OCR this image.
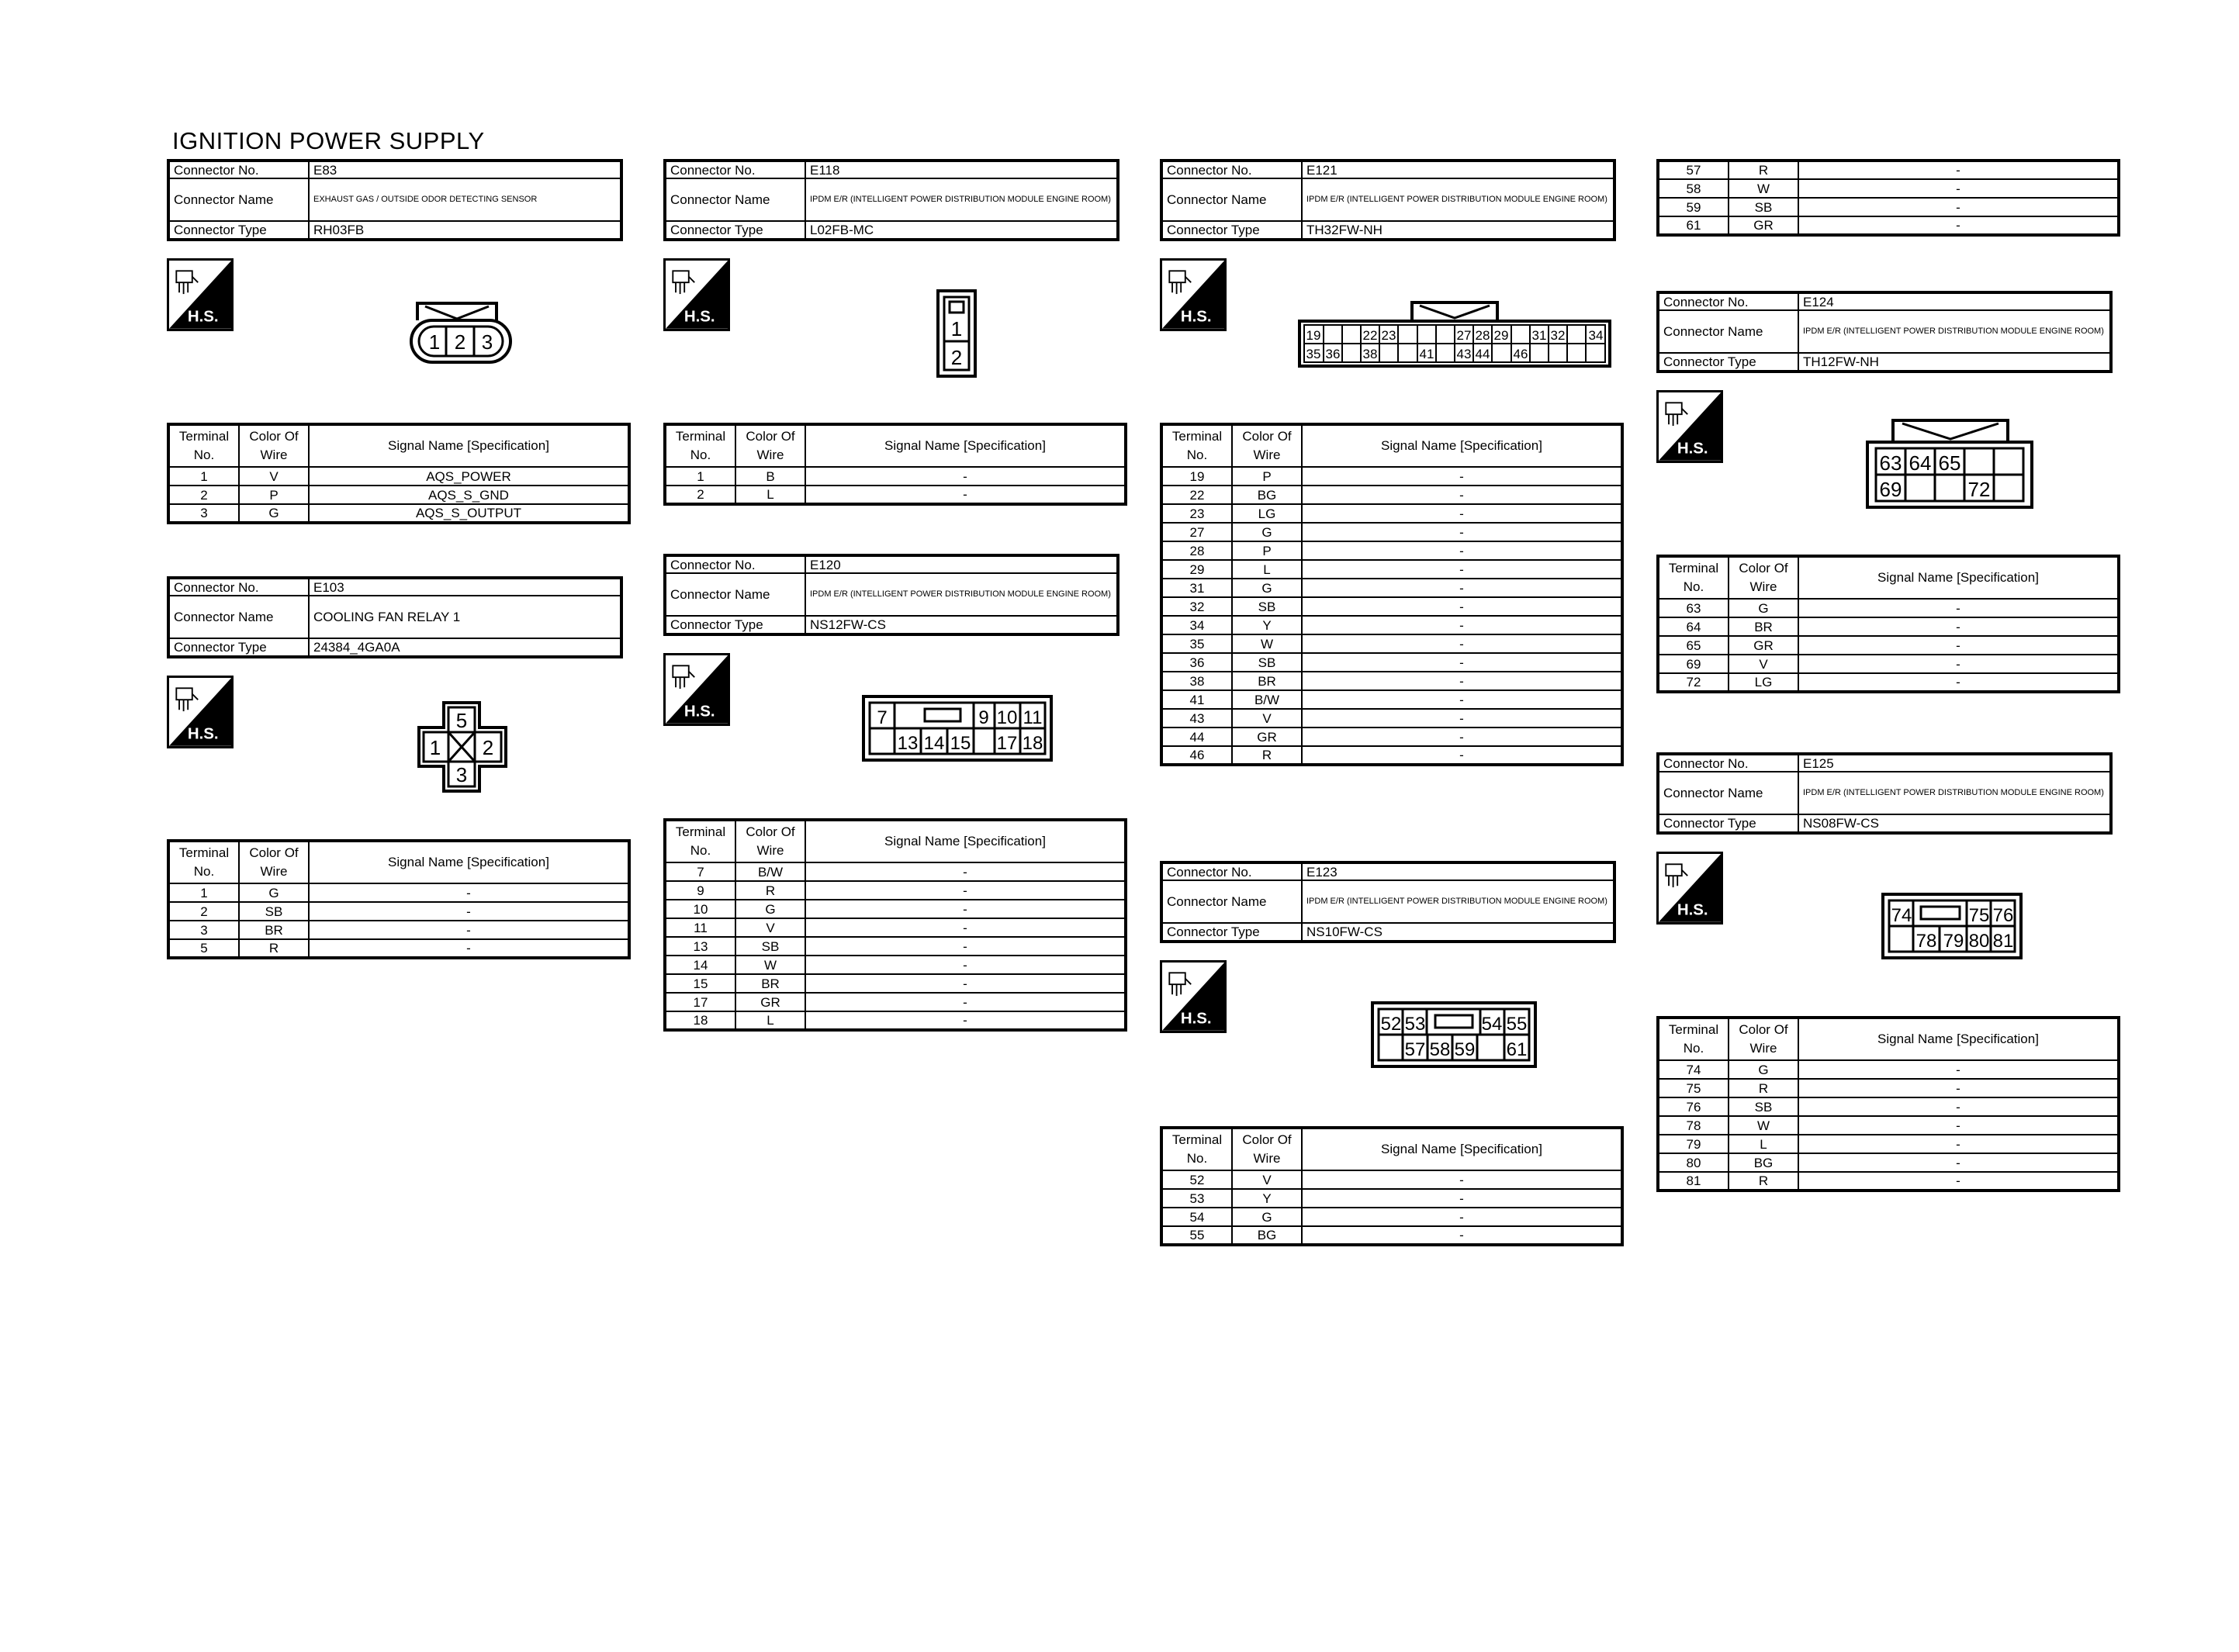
IGNITION POWER SUPPLY
Connector No.	E83
Connector Name	EXHAUST GAS / OUTSIDE ODOR DETECTING SENSOR
Connector Type	RH03FB
Connector No.	E103
Connector Name	COOLING FAN RELAY 1
Connector Type	24384_4GA0A
Connector No.	E118
Connector Name	IPDM E/R (INTELLIGENT POWER DISTRIBUTION MODULE ENGINE ROOM)
Connector Type	L02FB-MC
Connector No.	E120
Connector Name	IPDM E/R (INTELLIGENT POWER DISTRIBUTION MODULE ENGINE ROOM)
Connector Type	NS12FW-CS
Connector No.	E121
Connector Name	IPDM E/R (INTELLIGENT POWER DISTRIBUTION MODULE ENGINE ROOM)
Connector Type	TH32FW-NH
Connector No.	E123
Connector Name	IPDM E/R (INTELLIGENT POWER DISTRIBUTION MODULE ENGINE ROOM)
Connector Type	NS10FW-CS
Connector No.	E124
Connector Name	IPDM E/R (INTELLIGENT POWER DISTRIBUTION MODULE ENGINE ROOM)
Connector Type	TH12FW-NH
Connector No.	E125
Connector Name	IPDM E/R (INTELLIGENT POWER DISTRIBUTION MODULE ENGINE ROOM)
Connector Type	NS08FW-CS
Terminal No.	Color Of Wire	Signal Name [Specification]
1	V	AQS_POWER
2	P	AQS_S_GND
3	G	AQS_S_OUTPUT
Terminal No.	Color Of Wire	Signal Name [Specification]
1	G	-
2	SB	-
3	BR	-
5	R	-
Terminal No.	Color Of Wire	Signal Name [Specification]
1	B	-
2	L	-
Terminal No.	Color Of Wire	Signal Name [Specification]
7	B/W	-
9	R	-
10	G	-
11	V	-
13	SB	-
14	W	-
15	BR	-
17	GR	-
18	L	-
Terminal No.	Color Of Wire	Signal Name [Specification]
19	P	-
22	BG	-
23	LG	-
27	G	-
28	P	-
29	L	-
31	G	-
32	SB	-
34	Y	-
35	W	-
36	SB	-
38	BR	-
41	B/W	-
43	V	-
44	GR	-
46	R	-
Terminal No.	Color Of Wire	Signal Name [Specification]
52	V	-
53	Y	-
54	G	-
55	BG	-
57	R	-
58	W	-
59	SB	-
61	GR	-
Terminal No.	Color Of Wire	Signal Name [Specification]
63	G	-
64	BR	-
65	GR	-
69	V	-
72	LG	-
Terminal No.	Color Of Wire	Signal Name [Specification]
74	G	-
75	R	-
76	SB	-
78	W	-
79	L	-
80	BG	-
81	R	-
H.S.
H.S.
H.S.
H.S.
H.S.
H.S.
H.S.
H.S.
1 2 3
5
1 2
3
1
2
7	9 10 11
13 14 15 17 18
19	22 23	27 28 29 31 32 34
35 36 38	41 43 44 46
52 53	54 55
57 58 59 61
63 64 65
69	72
74	75 76
78 79 80 81
